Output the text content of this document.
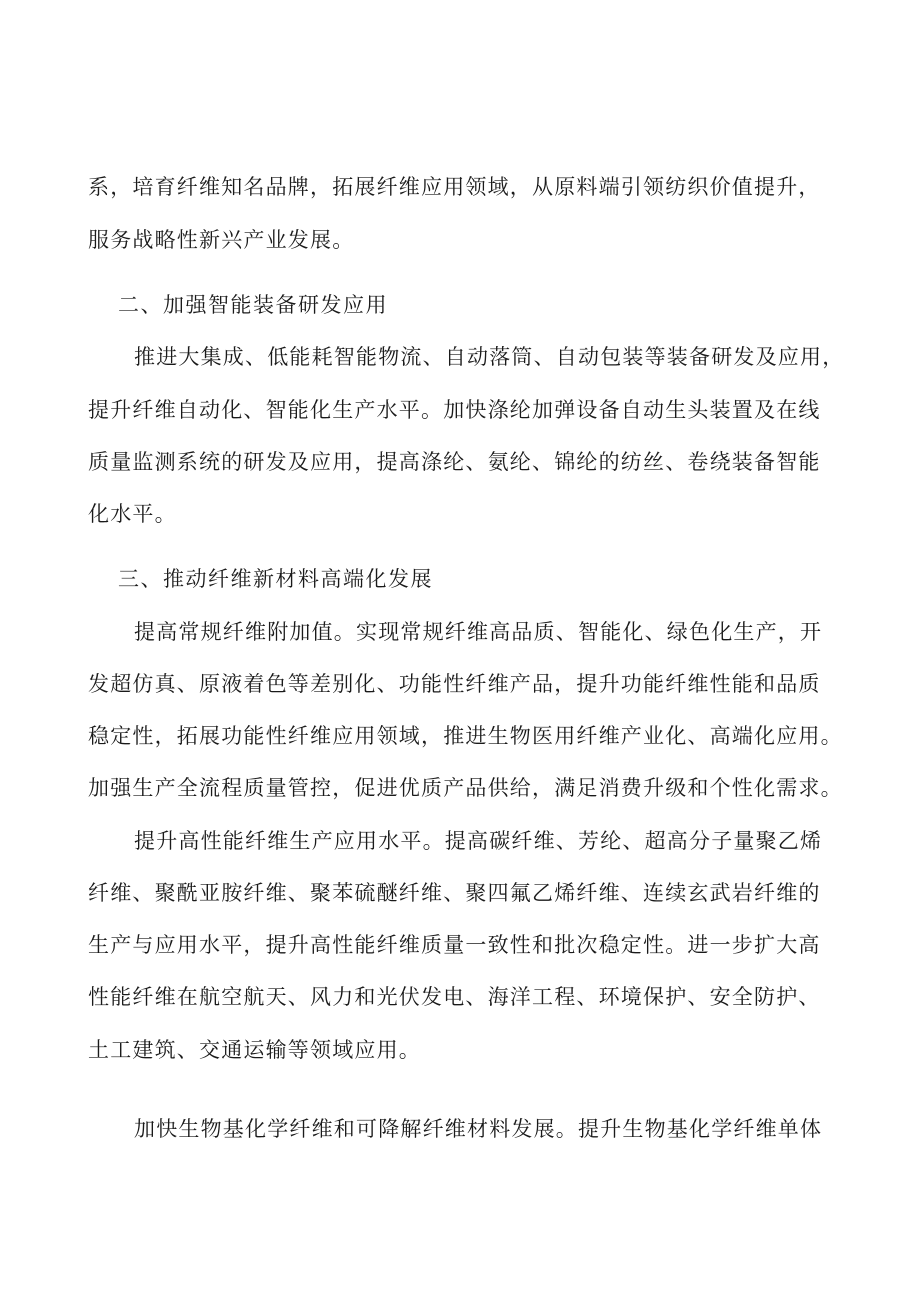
系，培育纤维知名品牌，拓展纤维应用领域，从原料端引领纺织价值提升，
服务战略性新兴产业发展。
二、加强智能装备研发应用
推进大集成、低能耗智能物流、自动落筒、自动包装等装备研发及应用，
提升纤维自动化、智能化生产水平。加快涤纶加弹设备自动生头装置及在线
质量监测系统的研发及应用，提高涤纶、氨纶、锦纶的纺丝、卷绕装备智能
化水平。
三、推动纤维新材料高端化发展
提高常规纤维附加值。实现常规纤维高品质、智能化、绿色化生产，开
发超仿真、原液着色等差别化、功能性纤维产品，提升功能纤维性能和品质
稳定性，拓展功能性纤维应用领域，推进生物医用纤维产业化、高端化应用。
加强生产全流程质量管控，促进优质产品供给，满足消费升级和个性化需求。
提升高性能纤维生产应用水平。提高碳纤维、芳纶、超高分子量聚乙烯
纤维、聚酰亚胺纤维、聚苯硫醚纤维、聚四氟乙烯纤维、连续玄武岩纤维的
生产与应用水平，提升高性能纤维质量一致性和批次稳定性。进一步扩大高
性能纤维在航空航天、风力和光伏发电、海洋工程、环境保护、安全防护、
土工建筑、交通运输等领域应用。
加快生物基化学纤维和可降解纤维材料发展。提升生物基化学纤维单体
